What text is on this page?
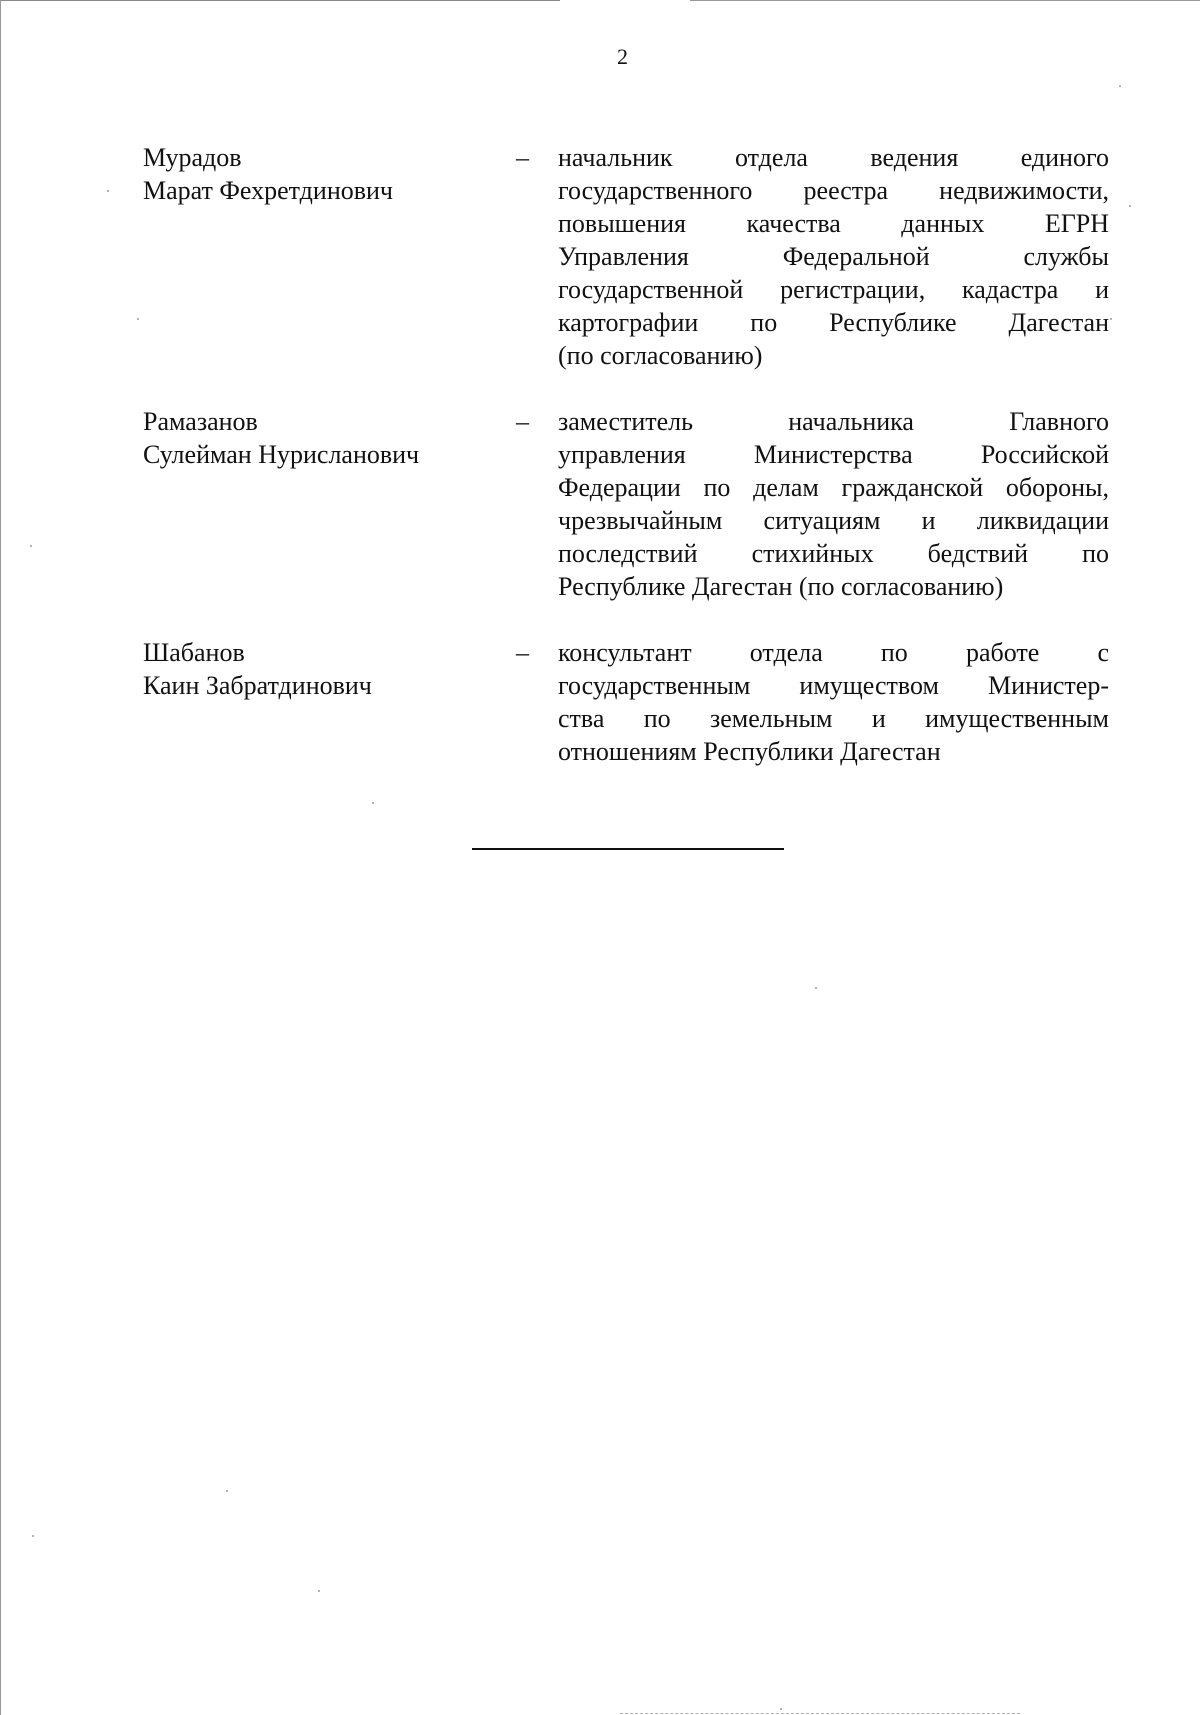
2
Мурадов
Марат Фехретдинович
– начальник отдела ведения единого
государственного реестра недвижимости,
повышения качества данных ЕГРН
Управления Федеральной службы
государственной регистрации, кадастра и
картографии по Республике Дагестан
(по согласованию)
Рамазанов
Сулейман Нурисланович
– заместитель начальника Главного
управления Министерства Российской
Федерации по делам гражданской обороны,
чрезвычайным ситуациям и ликвидации
последствий стихийных бедствий по
Республике Дагестан (по согласованию)
Шабанов
Каин Забратдинович
– консультант отдела по работе с
государственным имуществом Министер-
ства по земельным и имущественным
отношениям Республики Дагестан
